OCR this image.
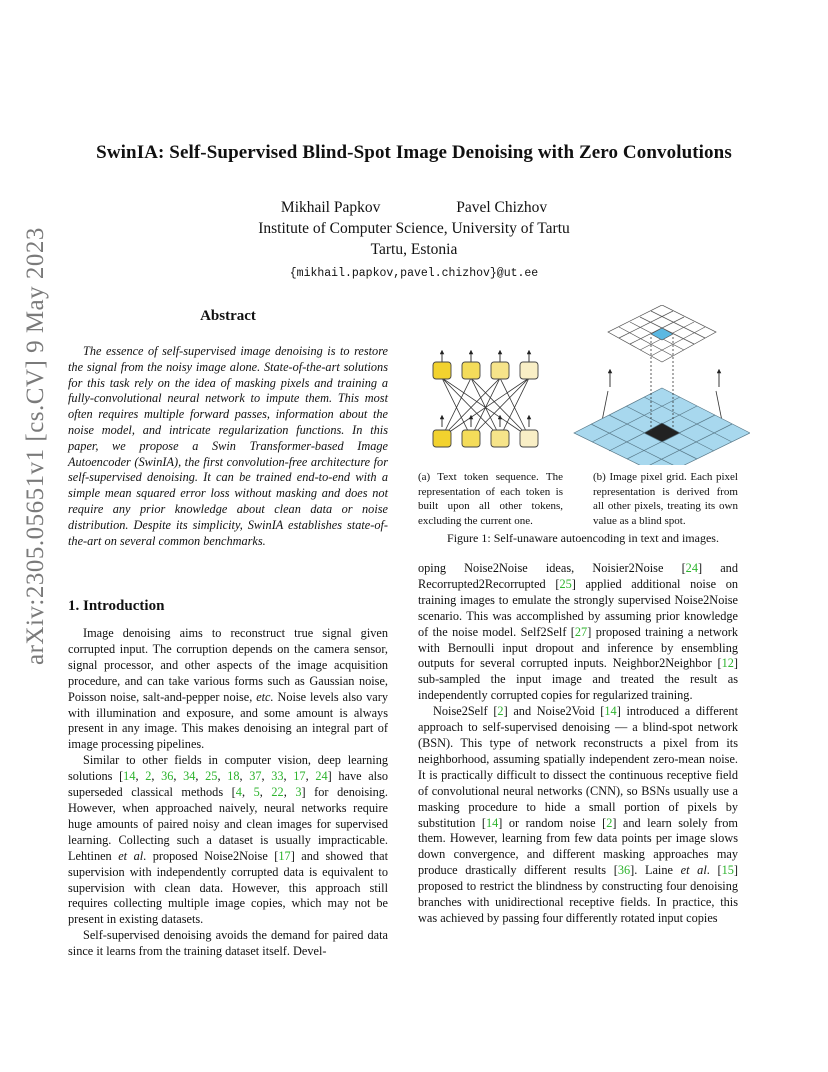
arXiv:2305.05651v1 [cs.CV] 9 May 2023
SwinIA: Self-Supervised Blind-Spot Image Denoising with Zero Convolutions
Mikhail Papkov	Pavel Chizhov
Institute of Computer Science, University of Tartu
Tartu, Estonia
{mikhail.papkov,pavel.chizhov}@ut.ee
Abstract

The essence of self-supervised image denoising is to restore the signal from the noisy image alone. State-of-the-art solutions for this task rely on the idea of masking pixels and training a fully-convolutional neural network to impute them. This most often requires multiple forward passes, information about the noise model, and intricate regularization functions. In this paper, we propose a Swin Transformer-based Image Autoencoder (SwinIA), the first convolution-free architecture for self-supervised denoising. It can be trained end-to-end with a simple mean squared error loss without masking and does not require any prior knowledge about clean data or noise distribution. Despite its simplicity, SwinIA establishes state-of-the-art on several common benchmarks.

1. Introduction

Image denoising aims to reconstruct true signal given corrupted input. The corruption depends on the camera sensor, signal processor, and other aspects of the image acquisition procedure, and can take various forms such as Gaussian noise, Poisson noise, salt-and-pepper noise, etc. Noise levels also vary with illumination and exposure, and some amount is always present in any image. This makes denoising an integral part of image processing pipelines.

Similar to other fields in computer vision, deep learning solutions [14, 2, 36, 34, 25, 18, 37, 33, 17, 24] have also superseded classical methods [4, 5, 22, 3] for denoising. However, when approached naively, neural networks require huge amounts of paired noisy and clean images for supervised learning. Collecting such a dataset is usually impracticable. Lehtinen et al. proposed Noise2Noise [17] and showed that supervision with independently corrupted data is equivalent to supervision with clean data. However, this approach still requires collecting multiple image copies, which may not be present in existing datasets.

Self-supervised denoising avoids the demand for paired data since it learns from the training dataset itself. Devel-

(a) Text token sequence. The representation of each token is built upon all other tokens, excluding the current one.
(b) Image pixel grid. Each pixel representation is derived from all other pixels, treating its own value as a blind spot.
Figure 1: Self-unaware autoencoding in text and images.

oping Noise2Noise ideas, Noisier2Noise [24] and Recorrupted2Recorrupted [25] applied additional noise on training images to emulate the strongly supervised Noise2Noise scenario. This was accomplished by assuming prior knowledge of the noise model. Self2Self [27] proposed training a network with Bernoulli input dropout and inference by ensembling outputs for several corrupted inputs. Neighbor2Neighbor [12] sub-sampled the input image and treated the result as independently corrupted copies for regularized training.

Noise2Self [2] and Noise2Void [14] introduced a different approach to self-supervised denoising — a blind-spot network (BSN). This type of network reconstructs a pixel from its neighborhood, assuming spatially independent zero-mean noise. It is practically difficult to dissect the continuous receptive field of convolutional neural networks (CNN), so BSNs usually use a masking procedure to hide a small portion of pixels by substitution [14] or random noise [2] and learn solely from them. However, learning from few data points per image slows down convergence, and different masking approaches may produce drastically different results [36]. Laine et al. [15] proposed to restrict the blindness by constructing four denoising branches with unidirectional receptive fields. In practice, this was achieved by passing four differently rotated input copies
